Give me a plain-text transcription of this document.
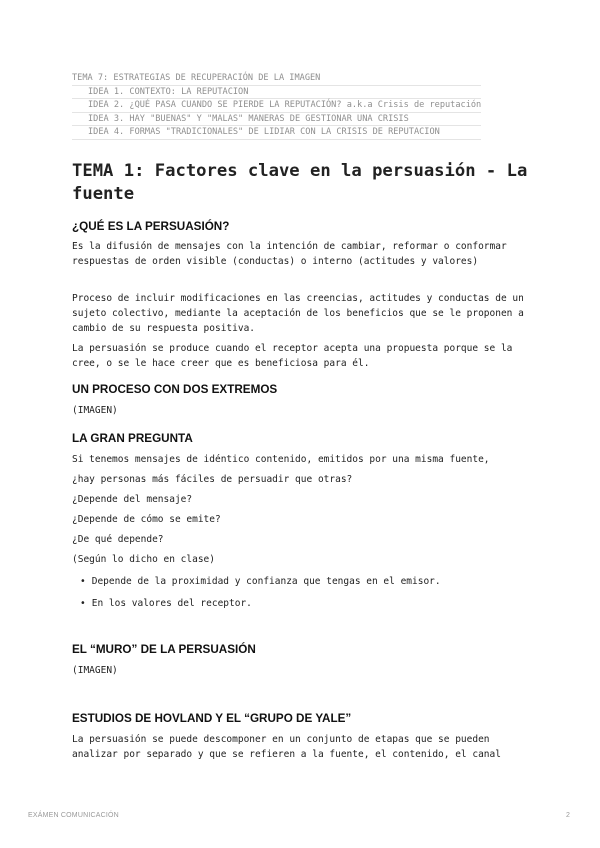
TEMA 7: ESTRATEGIAS DE RECUPERACIÓN DE LA IMAGEN
IDEA 1. CONTEXTO: LA REPUTACION
IDEA 2. ¿QUÉ PASA CUANDO SE PIERDE LA REPUTACIÓN? a.k.a Crisis de reputación
IDEA 3. HAY "BUENAS" Y "MALAS" MANERAS DE GESTIONAR UNA CRISIS
IDEA 4. FORMAS "TRADICIONALES" DE LIDIAR CON LA CRISIS DE REPUTACION
TEMA 1: Factores clave en la persuasión - La fuente
¿QUÉ ES LA PERSUASIÓN?

Es la difusión de mensajes con la intención de cambiar, reformar o conformar respuestas de orden visible (conductas) o interno (actitudes y valores)

Proceso de incluir modificaciones en las creencias, actitudes y conductas de un sujeto colectivo, mediante la aceptación de los beneficios que se le proponen a cambio de su respuesta positiva.

La persuasión se produce cuando el receptor acepta una propuesta porque se la cree, o se le hace creer que es beneficiosa para él.

UN PROCESO CON DOS EXTREMOS

(IMAGEN)

LA GRAN PREGUNTA

Si tenemos mensajes de idéntico contenido, emitidos por una misma fuente,

¿hay personas más fáciles de persuadir que otras?

¿Depende del mensaje?

¿Depende de cómo se emite?

¿De qué depende?

(Según lo dicho en clase)

• Depende de la proximidad y confianza que tengas en el emisor.
• En los valores del receptor.
EL “MURO” DE LA PERSUASIÓN

(IMAGEN)

ESTUDIOS DE HOVLAND Y EL “GRUPO DE YALE”

La persuasión se puede descomponer en un conjunto de etapas que se pueden analizar por separado y que se refieren a la fuente, el contenido, el canal

EXÁMEN COMUNICACIÓN	2
